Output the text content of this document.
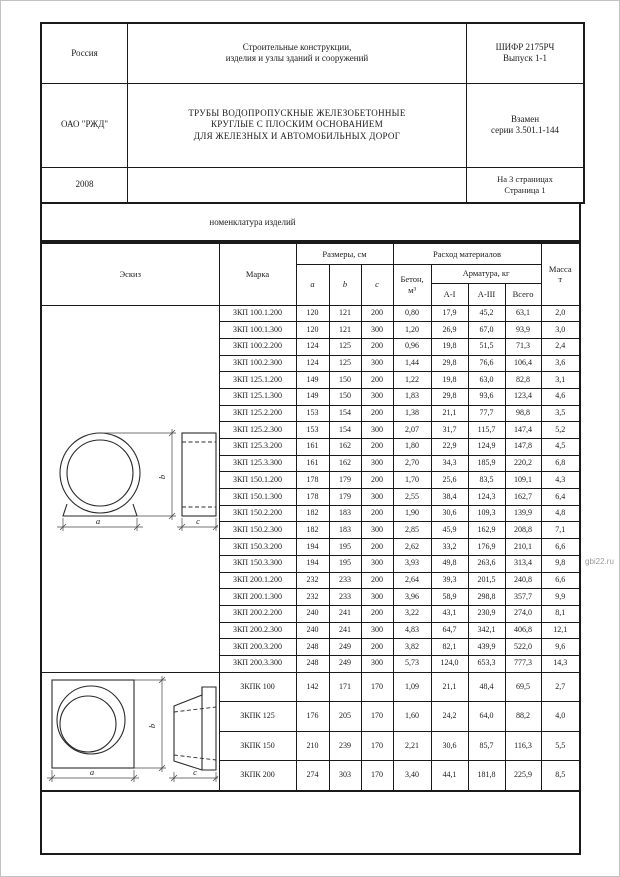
Россия	
Строительные конструкции,
изделия и узлы зданий и сооружений

ШИФР 2175РЧ
Выпуск 1-1

ОАО "РЖД"	
ТРУБЫ ВОДОПРОПУСКНЫЕ ЖЕЛЕЗОБЕТОННЫЕ
КРУГЛЫЕ С ПЛОСКИМ ОСНОВАНИЕМ
ДЛЯ ЖЕЛЕЗНЫХ И АВТОМОБИЛЬНЫХ ДОРОГ

Взамен
серии 3.501.1-144

2008		На 3 страницах
Страница 1
номенклатура изделий
Эскиз	Марка	Размеры, см			Расход материалов				Масса
т

		a	b	c	Бетон,
м³	Арматура, кг			
						А-I	А-III	Всего	

a
b
c	ЗКП 100.1.200	120	121	200	0,80	17,9	45,2	63,1	2,0
	ЗКП 100.1.300	120	121	300	1,20	26,9	67,0	93,9	3,0
	ЗКП 100.2.200	124	125	200	0,96	19,8	51,5	71,3	2,4
	ЗКП 100.2.300	124	125	300	1,44	29,8	76,6	106,4	3,6
	ЗКП 125.1.200	149	150	200	1,22	19,8	63,0	82,8	3,1
	ЗКП 125.1.300	149	150	300	1,83	29,8	93,6	123,4	4,6
	ЗКП 125.2.200	153	154	200	1,38	21,1	77,7	98,8	3,5
	ЗКП 125.2.300	153	154	300	2,07	31,7	115,7	147,4	5,2
	ЗКП 125.3.200	161	162	200	1,80	22,9	124,9	147,8	4,5
	ЗКП 125.3.300	161	162	300	2,70	34,3	185,9	220,2	6,8
	ЗКП 150.1.200	178	179	200	1,70	25,6	83,5	109,1	4,3
	ЗКП 150.1.300	178	179	300	2,55	38,4	124,3	162,7	6,4
	ЗКП 150.2.200	182	183	200	1,90	30,6	109,3	139,9	4,8
	ЗКП 150.2.300	182	183	300	2,85	45,9	162,9	208,8	7,1
	ЗКП 150.3.200	194	195	200	2,62	33,2	176,9	210,1	6,6
	ЗКП 150.3.300	194	195	300	3,93	49,8	263,6	313,4	9,8
	ЗКП 200.1.200	232	233	200	2,64	39,3	201,5	240,8	6,6
	ЗКП 200.1.300	232	233	300	3,96	58,9	298,8	357,7	9,9
	ЗКП 200.2.200	240	241	200	3,22	43,1	230,9	274,0	8,1
	ЗКП 200.2.300	240	241	300	4,83	64,7	342,1	406,8	12,1
	ЗКП 200.3.200	248	249	200	3,82	82,1	439,9	522,0	9,6
	ЗКП 200.3.300	248	249	300	5,73	124,0	653,3	777,3	14,3

a
b
c	ЗКПК 100	142	171	170	1,09	21,1	48,4	69,5	2,7
	ЗКПК 125	176	205	170	1,60	24,2	64,0	88,2	4,0
	ЗКПК 150	210	239	170	2,21	30,6	85,7	116,3	5,5
	ЗКПК 200	274	303	170	3,40	44,1	181,8	225,9	8,5

gbi22.ru
